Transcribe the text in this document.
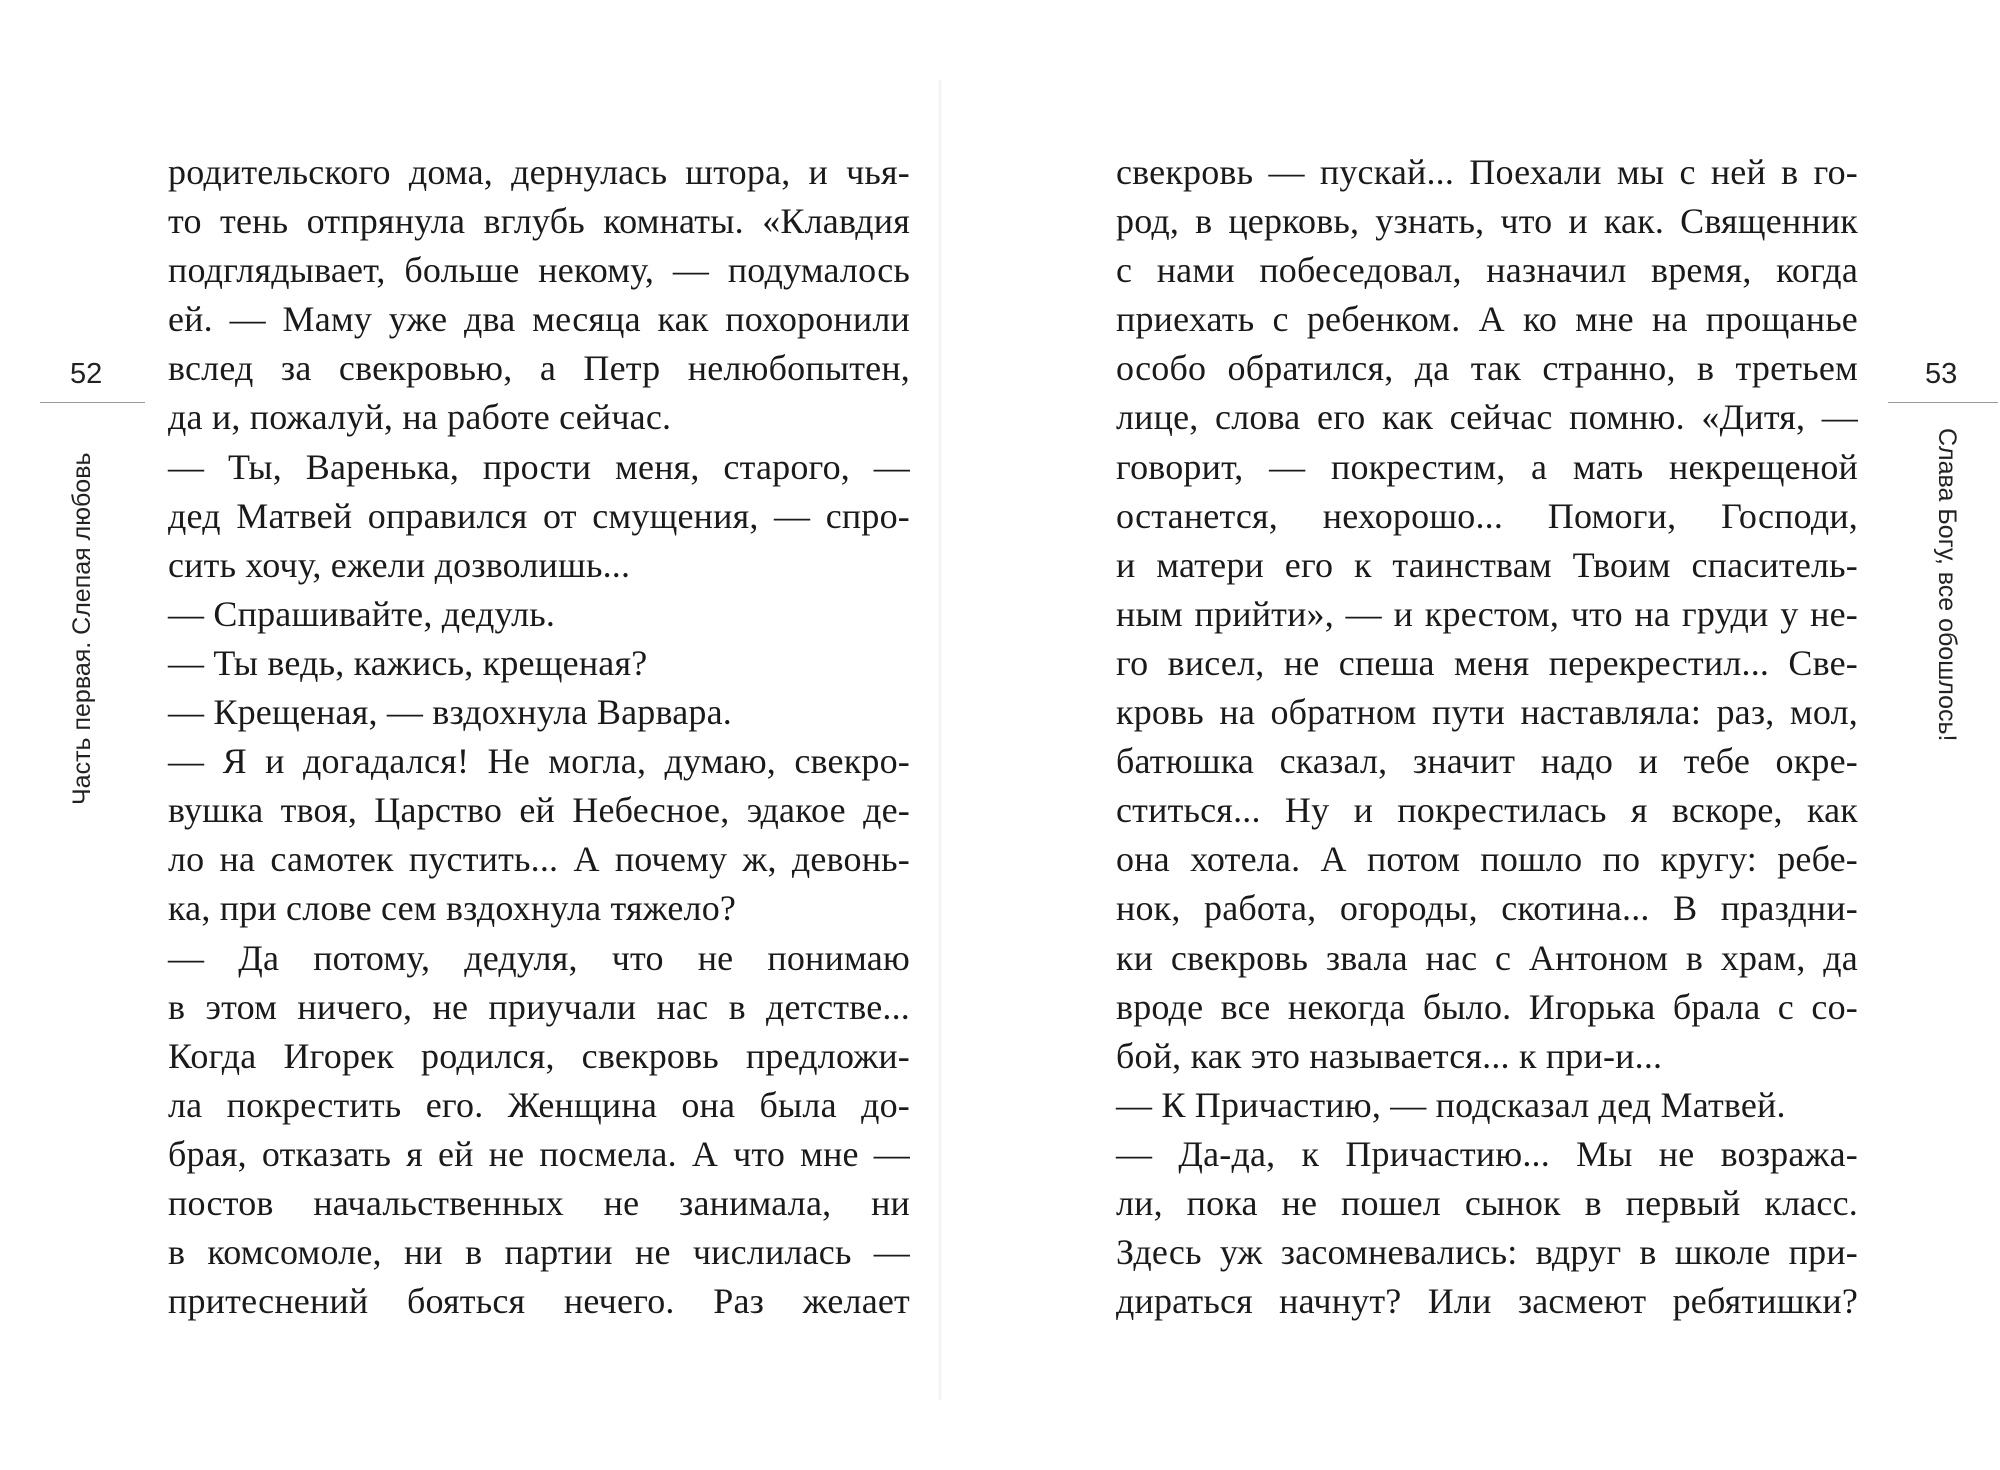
52
Часть первая. Слепая любовь
родительского дома, дернулась штора, и чья-
то тень отпрянула вглубь комнаты. «Клавдия
подглядывает, больше некому, — подумалось
ей. — Маму уже два месяца как похоронили
вслед за свекровью, а Петр нелюбопытен,
да и, пожалуй, на работе сейчас.
— Ты, Варенька, прости меня, старого, —
дед Матвей оправился от смущения, — спро-
сить хочу, ежели дозволишь...
— Спрашивайте, дедуль.
— Ты ведь, кажись, крещеная?
— Крещеная, — вздохнула Варвара.
— Я и догадался! Не могла, думаю, свекро-
вушка твоя, Царство ей Небесное, эдакое де-
ло на самотек пустить... А почему ж, девонь-
ка, при слове сем вздохнула тяжело?
— Да потому, дедуля, что не понимаю
в этом ничего, не приучали нас в детстве...
Когда Игорек родился, свекровь предложи-
ла покрестить его. Женщина она была до-
брая, отказать я ей не посмела. А что мне —
постов начальственных не занимала, ни
в комсомоле, ни в партии не числилась —
притеснений бояться нечего. Раз желает
53
Слава Богу, все обошлось!
свекровь — пускай... Поехали мы с ней в го-
род, в церковь, узнать, что и как. Священник
с нами побеседовал, назначил время, когда
приехать с ребенком. А ко мне на прощанье
особо обратился, да так странно, в третьем
лице, слова его как сейчас помню. «Дитя, —
говорит, — покрестим, а мать некрещеной
останется, нехорошо... Помоги, Господи,
и матери его к таинствам Твоим спаситель-
ным прийти», — и крестом, что на груди у не-
го висел, не спеша меня перекрестил... Све-
кровь на обратном пути наставляла: раз, мол,
батюшка сказал, значит надо и тебе окре-
ститься... Ну и покрестилась я вскоре, как
она хотела. А потом пошло по кругу: ребе-
нок, работа, огороды, скотина... В праздни-
ки свекровь звала нас с Антоном в храм, да
вроде все некогда было. Игорька брала с со-
бой, как это называется... к при-и...
— К Причастию, — подсказал дед Матвей.
— Да-да, к Причастию... Мы не возража-
ли, пока не пошел сынок в первый класс.
Здесь уж засомневались: вдруг в школе при-
дираться начнут? Или засмеют ребятишки?
